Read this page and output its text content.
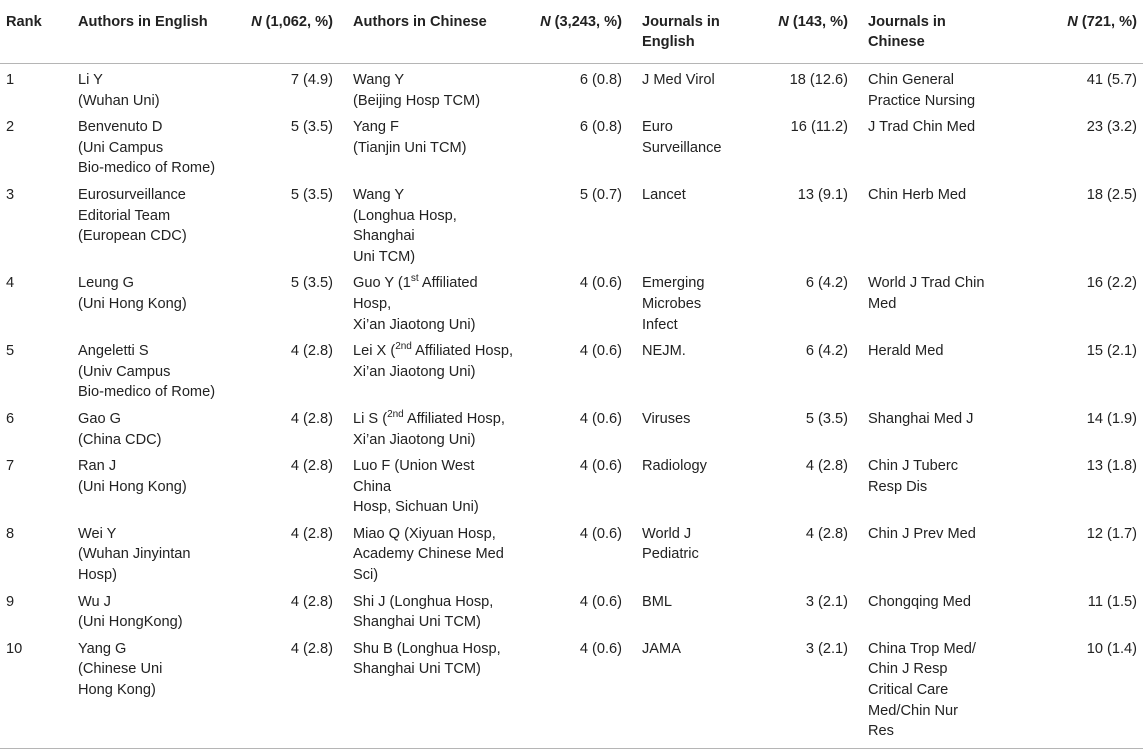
Rank	Authors in English	N (1,062, %)	Authors in Chinese	N (3,243, %)	Journals in English	N (143, %)	Journals in Chinese	N (721, %)
1	Li Y
(Wuhan Uni)	7 (4.9)	Wang Y
(Beijing Hosp TCM)	6 (0.8)	J Med Virol	18 (12.6)	Chin General
Practice Nursing	41 (5.7)
2	Benvenuto D
(Uni Campus
Bio-medico of Rome)	5 (3.5)	Yang F
(Tianjin Uni TCM)	6 (0.8)	Euro
Surveillance	16 (11.2)	J Trad Chin Med	23 (3.2)
3	Eurosurveillance
Editorial Team
(European CDC)	5 (3.5)	Wang Y
(Longhua Hosp, Shanghai
Uni TCM)	5 (0.7)	Lancet	13 (9.1)	Chin Herb Med	18 (2.5)
4	Leung G
(Uni Hong Kong)	5 (3.5)	Guo Y (1st Affiliated Hosp,
Xi’an Jiaotong Uni)	4 (0.6)	Emerging
Microbes
Infect	6 (4.2)	World J Trad Chin
Med	16 (2.2)
5	Angeletti S
(Univ Campus
Bio-medico of Rome)	4 (2.8)	Lei X ($^{2nd}$ Affiliated Hosp,
Xi’an Jiaotong Uni)	4 (0.6)	NEJM.	6 (4.2)	Herald Med	15 (2.1)
6	Gao G
(China CDC)	4 (2.8)	Li S ($^{2nd}$ Affiliated Hosp,
Xi’an Jiaotong Uni)	4 (0.6)	Viruses	5 (3.5)	Shanghai Med J	14 (1.9)
7	Ran J
(Uni Hong Kong)	4 (2.8)	Luo F (Union West China
Hosp, Sichuan Uni)	4 (0.6)	Radiology	4 (2.8)	Chin J Tuberc
Resp Dis	13 (1.8)
8	Wei Y
(Wuhan Jinyintan Hosp)	4 (2.8)	Miao Q (Xiyuan Hosp,
Academy Chinese Med
Sci)	4 (0.6)	World J
Pediatric	4 (2.8)	Chin J Prev Med	12 (1.7)
9	Wu J
(Uni HongKong)	4 (2.8)	Shi J (Longhua Hosp,
Shanghai Uni TCM)	4 (0.6)	BML	3 (2.1)	Chongqing Med	11 (1.5)
10	Yang G
(Chinese Uni
Hong Kong)	4 (2.8)	Shu B (Longhua Hosp,
Shanghai Uni TCM)	4 (0.6)	JAMA	3 (2.1)	China Trop Med/
Chin J Resp
Critical Care
Med/Chin Nur Res	10 (1.4)
